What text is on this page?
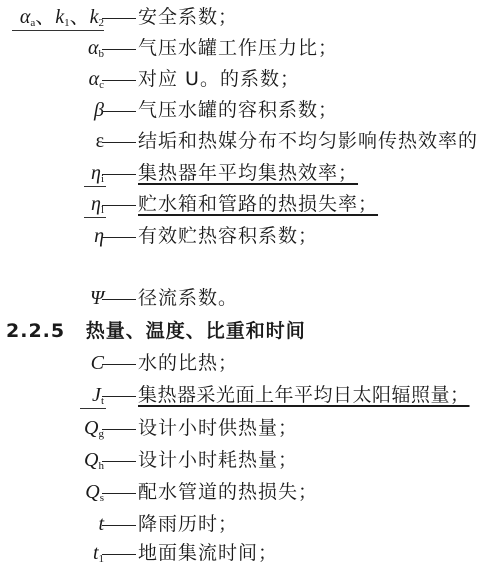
$\alpha_a$、$k_1$、$k_2$ 安全系数；
$\alpha_b$ 气压水罐工作压力比；
$\alpha_c$ 对应 U。的系数；
β 气压水罐的容积系数；
ε 结垢和热媒分布不均匀影响传热效率的
$\eta_i$ 集热器年平均集热效率；
$\eta_l$ 贮水箱和管路的热损失率；
η 有效贮热容积系数；
Ψ 径流系数。
2.2.5 热量、温度、比重和时间
C 水的比热；
$J_t$ 集热器采光面上年平均日太阳辐照量；
$Q_g$ 设计小时供热量；
$Q_h$ 设计小时耗热量；
$Q_s$ 配水管道的热损失；
t 降雨历时；
$t_1$ 地面集流时间；
